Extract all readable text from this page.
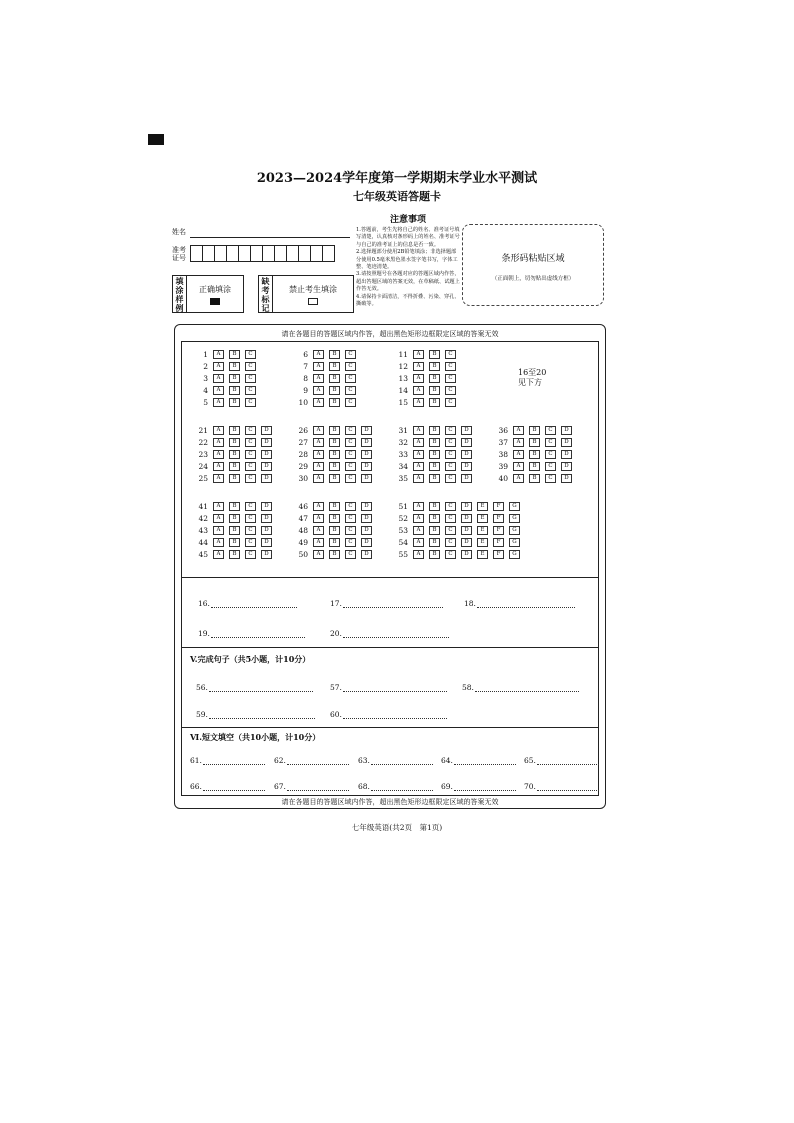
2023—2024学年度第一学期期末学业水平测试
七年级英语答题卡
姓名
准考证号
注意事项
1.答题前，考生先将自己的姓名、准考证号填写清楚，认真核对条形码上的姓名、准考证号与自己的准考证上的信息是否一致。
2.选择题部分使用2B铅笔填涂；非选择题部分使用0.5毫米黑色墨水签字笔书写，字体工整、笔迹清楚。
3.请按照题号在各题对应的答题区域内作答，超出答题区域的答案无效，在草稿纸、试题上作答无效。
4.请保持卡面清洁，不得折叠、污染、穿孔、撕破等。
条形码粘贴区域
（正面朝上，切勿贴出虚线方框）
填涂样例
正确填涂
缺考标记
禁止考生填涂
请在各题目的答题区域内作答，超出黑色矩形边框限定区域的答案无效
16至20
见下方
1	A	B	C
2	A	B	C
3	A	B	C
4	A	B	C
5	A	B	C
6	A	B	C
7	A	B	C
8	A	B	C
9	A	B	C
10	A	B	C
11	A	B	C
12	A	B	C
13	A	B	C
14	A	B	C
15	A	B	C
21	A	B	C	D
22	A	B	C	D
23	A	B	C	D
24	A	B	C	D
25	A	B	C	D
26	A	B	C	D
27	A	B	C	D
28	A	B	C	D
29	A	B	C	D
30	A	B	C	D
31	A	B	C	D
32	A	B	C	D
33	A	B	C	D
34	A	B	C	D
35	A	B	C	D
36	A	B	C	D
37	A	B	C	D
38	A	B	C	D
39	A	B	C	D
40	A	B	C	D
41	A	B	C	D
42	A	B	C	D
43	A	B	C	D
44	A	B	C	D
45	A	B	C	D
46	A	B	C	D
47	A	B	C	D
48	A	B	C	D
49	A	B	C	D
50	A	B	C	D
51	A	B	C	D	E	F	G
52	A	B	C	D	E	F	G
53	A	B	C	D	E	F	G
54	A	B	C	D	E	F	G
55	A	B	C	D	E	F	G
16.	17.	18.
19.	20.
V.完成句子（共5小题，计10分）
56.	57.	58.
59.	60.
Ⅵ.短文填空（共10小题，计10分）
61.	62.	63.	64.	65.
66.	67.	68.	69.	70.
请在各题目的答题区域内作答，超出黑色矩形边框限定区域的答案无效
七年级英语(共2页　第1页)
